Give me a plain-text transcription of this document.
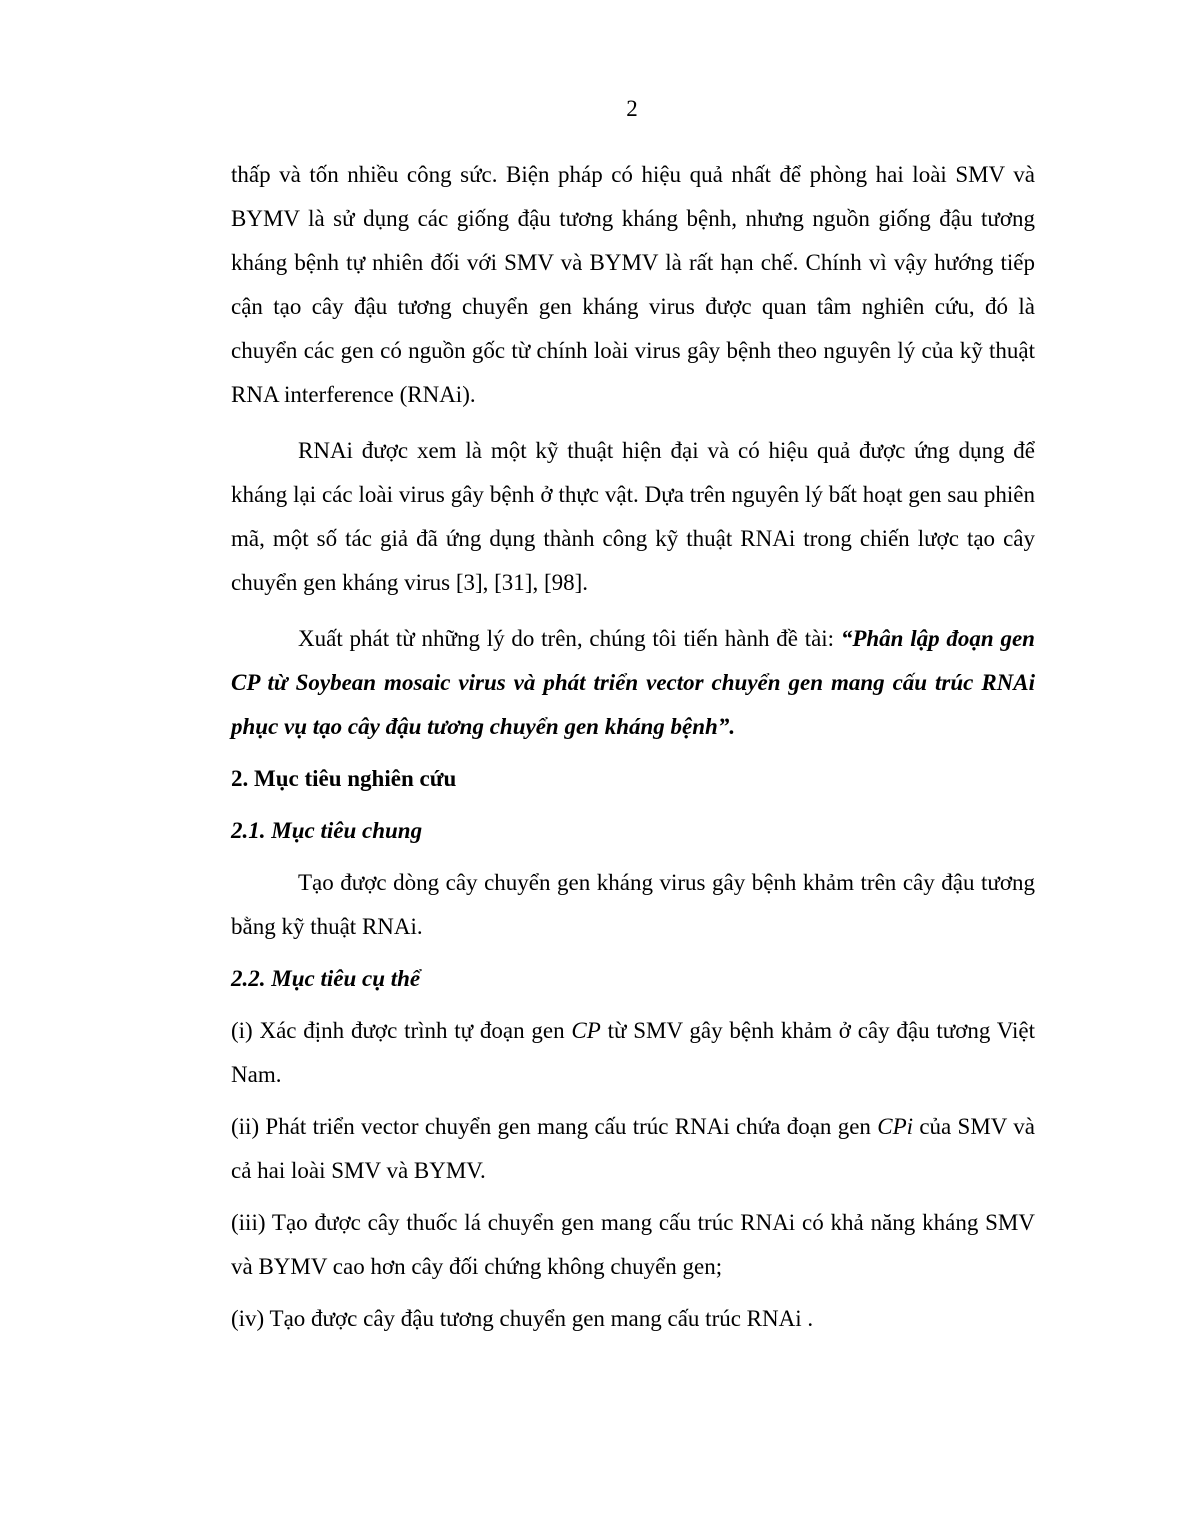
2

thấp và tốn nhiều công sức. Biện pháp có hiệu quả nhất để phòng hai loài SMV và BYMV là sử dụng các giống đậu tương kháng bệnh, nhưng nguồn giống đậu tương kháng bệnh tự nhiên đối với SMV và BYMV là rất hạn chế. Chính vì vậy hướng tiếp cận tạo cây đậu tương chuyển gen kháng virus được quan tâm nghiên cứu, đó là chuyển các gen có nguồn gốc từ chính loài virus gây bệnh theo nguyên lý của kỹ thuật RNA interference (RNAi).

RNAi được xem là một kỹ thuật hiện đại và có hiệu quả được ứng dụng để kháng lại các loài virus gây bệnh ở thực vật. Dựa trên nguyên lý bất hoạt gen sau phiên mã, một số tác giả đã ứng dụng thành công kỹ thuật RNAi trong chiến lược tạo cây chuyển gen kháng virus [3], [31], [98].

Xuất phát từ những lý do trên, chúng tôi tiến hành đề tài: “Phân lập đoạn gen CP từ Soybean mosaic virus và phát triển vector chuyển gen mang cấu trúc RNAi phục vụ tạo cây đậu tương chuyển gen kháng bệnh”.

2. Mục tiêu nghiên cứu
2.1. Mục tiêu chung

Tạo được dòng cây chuyển gen kháng virus gây bệnh khảm trên cây đậu tương bằng kỹ thuật RNAi.

2.2. Mục tiêu cụ thể

(i) Xác định được trình tự đoạn gen CP từ SMV gây bệnh khảm ở cây đậu tương Việt Nam.

(ii) Phát triển vector chuyển gen mang cấu trúc RNAi chứa đoạn gen CPi của SMV và cả hai loài SMV và BYMV.

(iii) Tạo được cây thuốc lá chuyển gen mang cấu trúc RNAi có khả năng kháng SMV và BYMV cao hơn cây đối chứng không chuyển gen;

(iv) Tạo được cây đậu tương chuyển gen mang cấu trúc RNAi .
